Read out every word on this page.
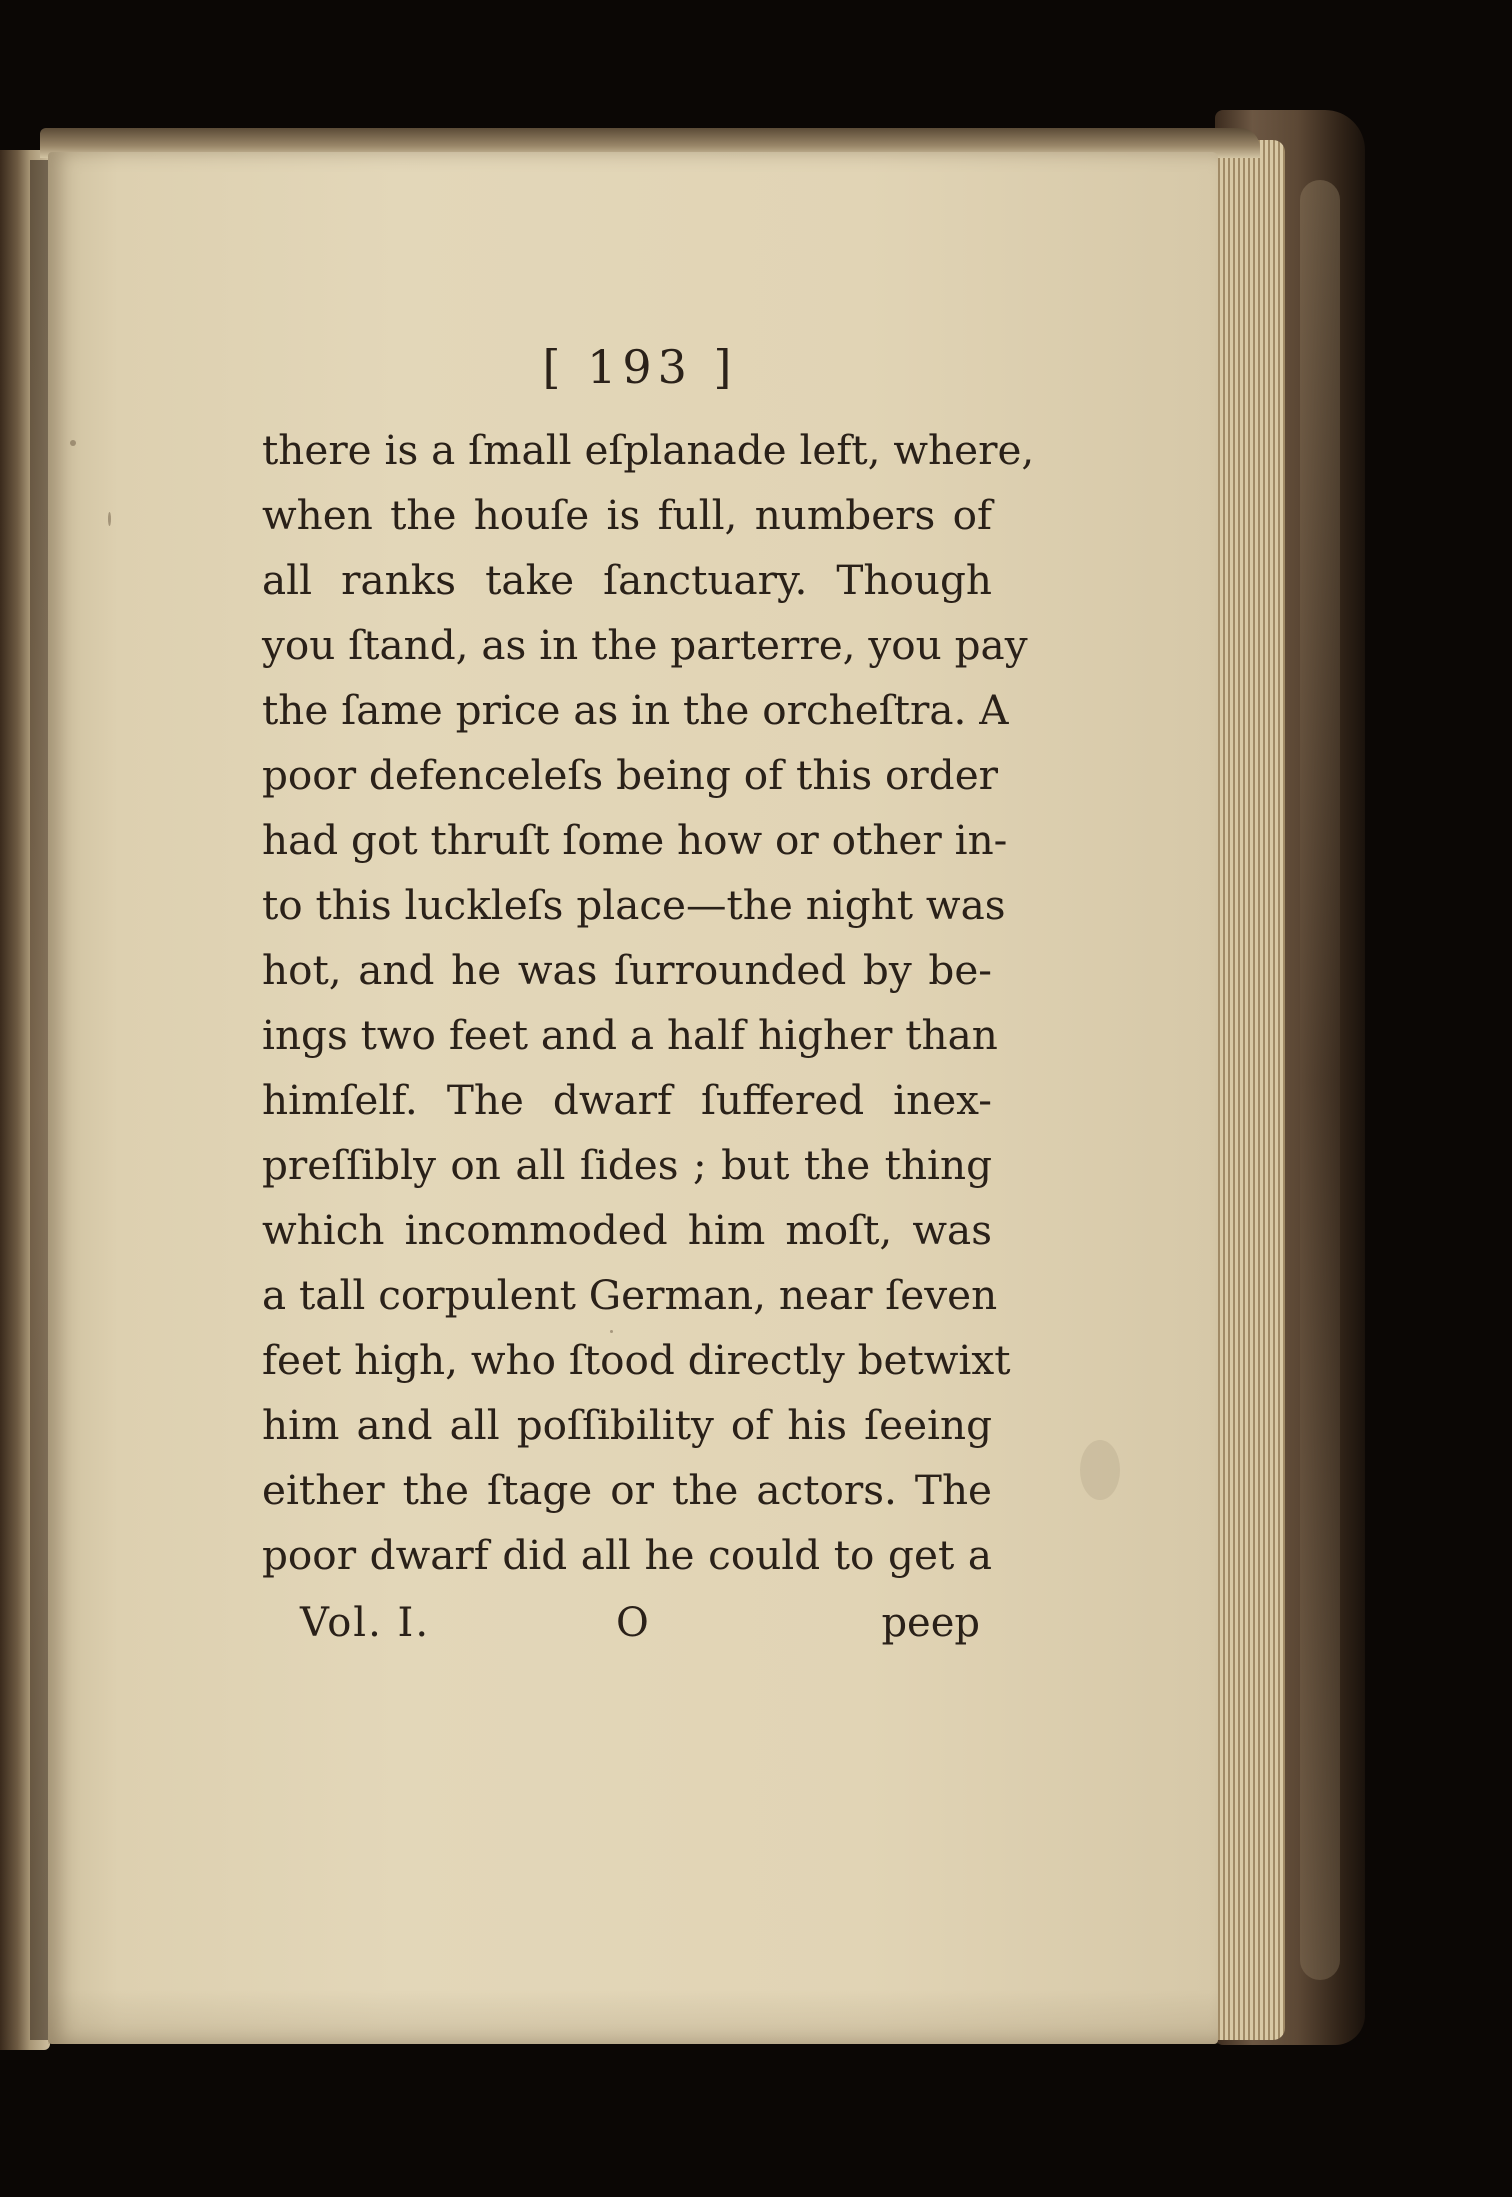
[ 193 ]
there is a ſmall eſplanade left, where,
when the houſe is full, numbers of
all ranks take ſanctuary. Though
you ſtand, as in the parterre, you pay
the ſame price as in the orcheſtra. A
poor defenceleſs being of this order
had got thruſt ſome how or other in-
to this luckleſs place—the night was
hot, and he was ſurrounded by be-
ings two feet and a half higher than
himſelf. The dwarf ſuffered inex-
preſſibly on all ſides ; but the thing
which incommoded him moſt, was
a tall corpulent German, near ſeven
feet high, who ſtood directly betwixt
him and all poſſibility of his ſeeing
either the ſtage or the actors. The
poor dwarf did all he could to get a
Vol. I.	O	peep
